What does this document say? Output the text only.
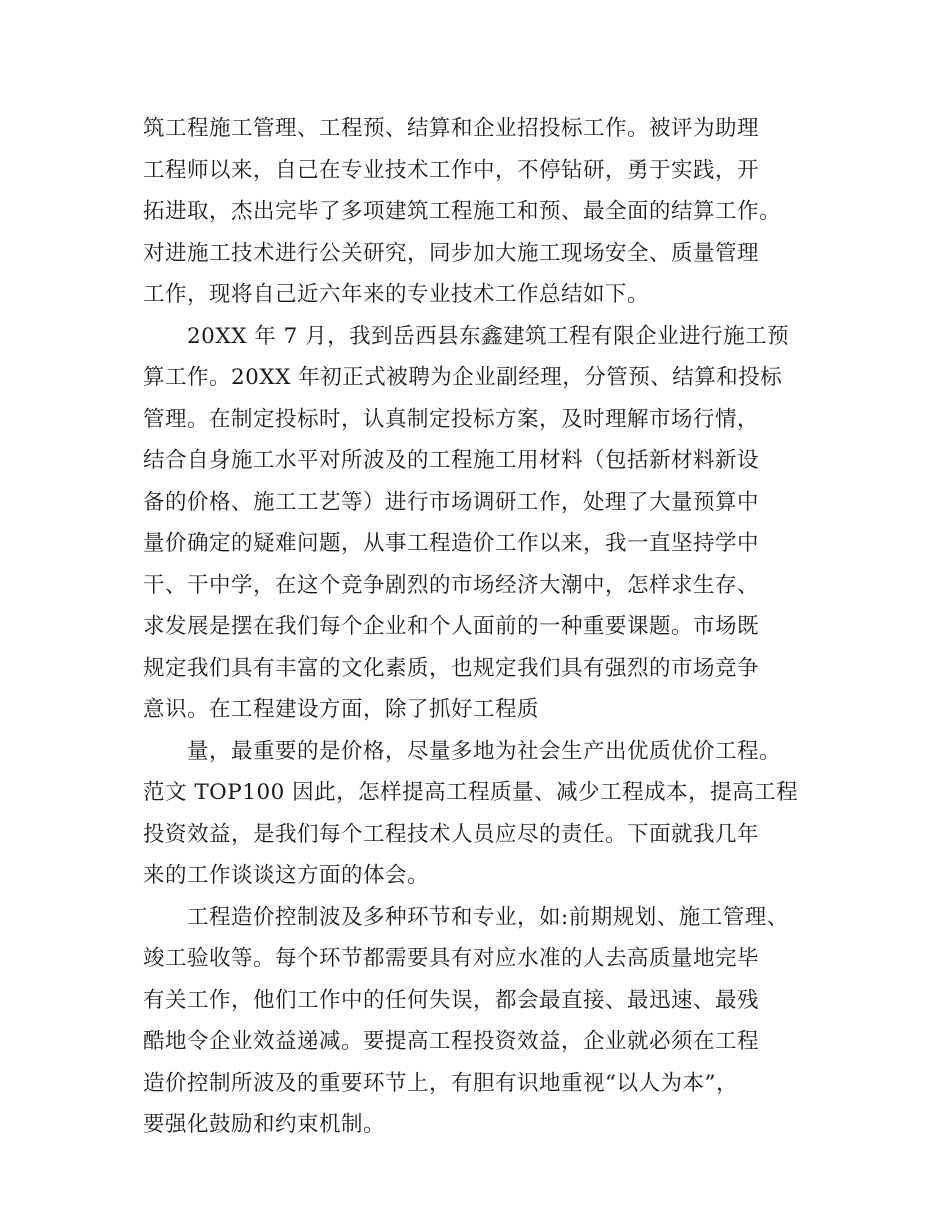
筑工程施工管理、工程预、结算和企业招投标工作。被评为助理
工程师以来，自己在专业技术工作中，不停钻研，勇于实践，开
拓进取，杰出完毕了多项建筑工程施工和预、最全面的结算工作。
对进施工技术进行公关研究，同步加大施工现场安全、质量管理
工作，现将自己近六年来的专业技术工作总结如下。
20XX 年 7 月，我到岳西县东鑫建筑工程有限企业进行施工预
算工作。20XX 年初正式被聘为企业副经理，分管预、结算和投标
管理。在制定投标时，认真制定投标方案，及时理解市场行情，
结合自身施工水平对所波及的工程施工用材料（包括新材料新设
备的价格、施工工艺等）进行市场调研工作，处理了大量预算中
量价确定的疑难问题，从事工程造价工作以来，我一直坚持学中
干、干中学，在这个竞争剧烈的市场经济大潮中，怎样求生存、
求发展是摆在我们每个企业和个人面前的一种重要课题。市场既
规定我们具有丰富的文化素质，也规定我们具有强烈的市场竞争
意识。在工程建设方面，除了抓好工程质
量，最重要的是价格，尽量多地为社会生产出优质优价工程。
范文 TOP100 因此，怎样提高工程质量、减少工程成本，提高工程
投资效益，是我们每个工程技术人员应尽的责任。下面就我几年
来的工作谈谈这方面的体会。
工程造价控制波及多种环节和专业，如:前期规划、施工管理、
竣工验收等。每个环节都需要具有对应水准的人去高质量地完毕
有关工作，他们工作中的任何失误，都会最直接、最迅速、最残
酷地令企业效益递减。要提高工程投资效益，企业就必须在工程
造价控制所波及的重要环节上，有胆有识地重视“以人为本”，
要强化鼓励和约束机制。
